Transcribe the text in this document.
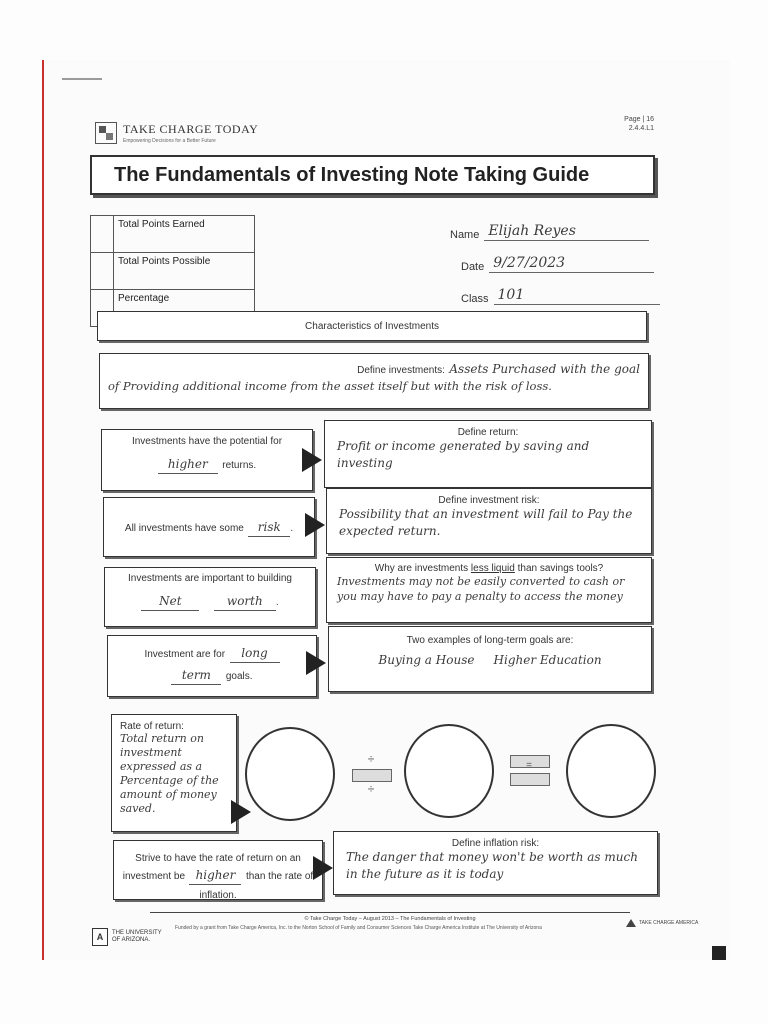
TAKE CHARGE TODAY
Empowering Decisions for a Better Future
Page | 16
2.4.4.L1
The Fundamentals of Investing Note Taking Guide
	Total Points Earned
	Total Points Possible
	Percentage
Name Elijah Reyes
Date 9/27/2023
Class 101
Characteristics of Investments
Define investments: Assets Purchased with the goal
of Providing additional income from the asset itself but with the risk of loss.
Investments have the potential for
higher returns.
Define return:
Profit or income generated by saving and investing
All investments have some risk .
Define investment risk:
Possibility that an investment will fail to Pay the expected return.
Investments are important to building
Net	worth .
Why are investments less liquid than savings tools?
Investments may not be easily converted to cash or you may have to pay a penalty to access the money
Investment are for long
term goals.
Two examples of long-term goals are:
Buying a House     Higher Education
Rate of return:
Total return on investment expressed as a Percentage of the amount of money saved.
÷
÷
=
Strive to have the rate of return on an investment be higher than the rate of inflation.
Define inflation risk:
The danger that money won't be worth as much in the future as it is today
© Take Charge Today – August 2013 – The Fundamentals of Investing
Funded by a grant from Take Charge America, Inc. to the Norton School of Family and Consumer Sciences Take Charge America Institute at The University of Arizona
A	THE UNIVERSITY
OF ARIZONA.
TAKE CHARGE AMERICA
